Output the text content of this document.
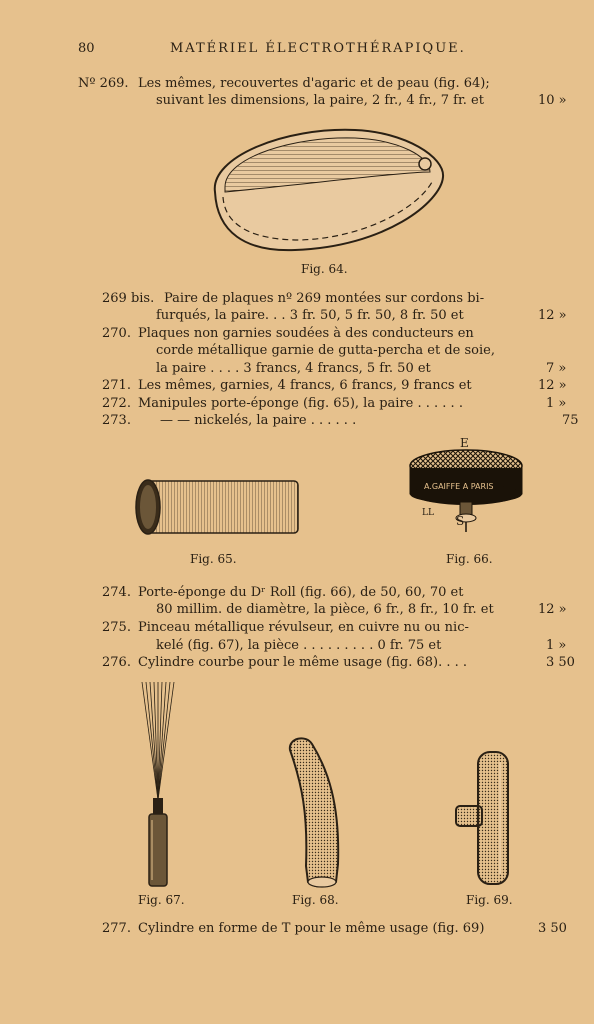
80	MATÉRIEL ÉLECTROTHÉRAPIQUE.
Nº 269. Les mêmes, recouvertes d'agaric et de peau (fig. 64);
suivant les dimensions, la paire, 2 fr., 4 fr., 7 fr. et	10 »
Fig. 64.
269 bis. Paire de plaques nº 269 montées sur cordons bi-
furqués, la paire. . . 3 fr. 50, 5 fr. 50, 8 fr. 50 et	12 »
270. Plaques non garnies soudées à des conducteurs en
corde métallique garnie de gutta-percha et de soie,
la paire . . . . 3 francs, 4 francs, 5 fr. 50 et	7 »
271. Les mêmes, garnies, 4 francs, 6 francs, 9 francs et	12 »
272. Manipules porte-éponge (fig. 65), la paire . . . . . .	1 »
273. — — nickelés, la paire . . . . . .	75
Fig. 65.
E
A.GAIFFE A PARIS
LL
S
Fig. 66.
274. Porte-éponge du Dʳ Roll (fig. 66), de 50, 60, 70 et
80 millim. de diamètre, la pièce, 6 fr., 8 fr., 10 fr. et	12 »
275. Pinceau métallique révulseur, en cuivre nu ou nic-
kelé (fig. 67), la pièce . . . . . . . . . 0 fr. 75 et	1 »
276. Cylindre courbe pour le même usage (fig. 68). . . .	3 50
Fig. 67.	Fig. 68.	Fig. 69.
277. Cylindre en forme de T pour le même usage (fig. 69)	3 50
